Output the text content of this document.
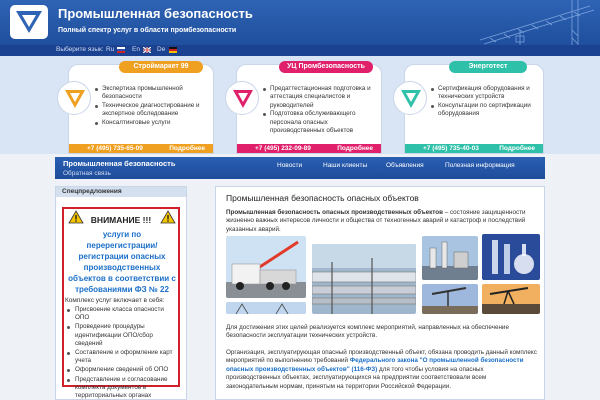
Промышленная безопасность
Полный спектр услуг в области промбезопасности
Выберите язык: Ru	En	De
Строймаркет 99
Экспертиза промышленной безопасности
Техническое диагностирование и экспертное обследование
Консалтинговые услуги
+7 (495) 735-65-09	Подробнее
УЦ Промбезопасность
Предаттестационная подготовка и аттестация специалистов и руководителей
Подготовка обслуживающего персонала опасных производственных объектов
+7 (495) 232-09-89	Подробнее
Энерготест
Сертификация оборудования и технических устройств
Консультации по сертификации оборудования
+7 (495) 735-40-03	Подробнее
Промышленная безопасность
Обратная связь
Новости	Наши клиенты	Объявления	Полезная информация
Спецпредложения
ВНИМАНИЕ !!!
услуги по перерегистрации/регистрации опасных производственных объектов в соответствии с требованиями ФЗ № 22
Комплекс услуг включает в себя:
Присвоение класса опасности ОПО
Проведение процедуры идентификации ОПО/сбор сведений
Составление и оформление карт учета
Оформление сведений об ОПО
Представление и согласование комплекта документов в территориальных органах
Промышленная безопасность опасных объектов
Промышленная безопасность опасных производственных объектов – состояние защищенности жизненно важных интересов личности и общества от техногенных аварий и катастроф и последствий указанных аварий.
Для достижения этих целей реализуется комплекс мероприятий, направленных на обеспечение безопасности эксплуатации технических устройств.
Организация, эксплуатирующая опасный производственный объект, обязана проводить данный комплекс мероприятий по выполнению требований Федерального закона "О промышленной безопасности опасных производственных объектов" (116-ФЗ) для того чтобы условия на опасных производственных объектах, эксплуатирующихся на предприятии соответствовали всем законодательным нормам, принятым на территории Российской Федерации.
